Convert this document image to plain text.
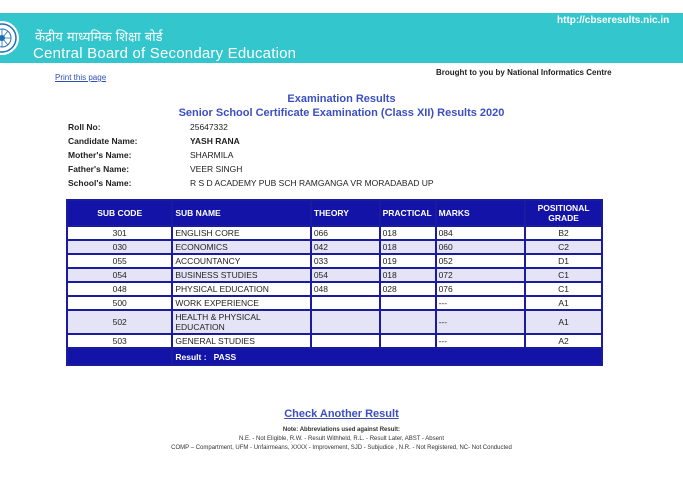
केंद्रीय माध्यमिक शिक्षा बोर्ड
Central Board of Secondary Education
http://cbseresults.nic.in
Print this page
Brought to you by National Informatics Centre
Examination Results
Senior School Certificate Examination (Class XII) Results 2020
Roll No:	25647332
Candidate Name:	YASH RANA
Mother's Name:	SHARMILA
Father's Name:	VEER SINGH
School's Name:	R S D ACADEMY PUB SCH RAMGANGA VR MORADABAD UP
SUB CODE	SUB NAME	THEORY	PRACTICAL	MARKS	POSITIONAL GRADE
301	ENGLISH CORE	066	018	084	B2
030	ECONOMICS	042	018	060	C2
055	ACCOUNTANCY	033	019	052	D1
054	BUSINESS STUDIES	054	018	072	C1
048	PHYSICAL EDUCATION	048	028	076	C1
500	WORK EXPERIENCE			---	A1
502	HEALTH & PHYSICAL EDUCATION			---	A1
503	GENERAL STUDIES			---	A2
	Result : PASS				
Check Another Result
Note: Abbreviations used against Result:
N.E. - Not Eligible, R.W. - Result Withheld, R.L. - Result Later, ABST - Absent
COMP – Compartment, UFM - Unfairmeans, XXXX - Improvement, SJD - Subjudice , N.R. - Not Registered, NC- Not Conducted
